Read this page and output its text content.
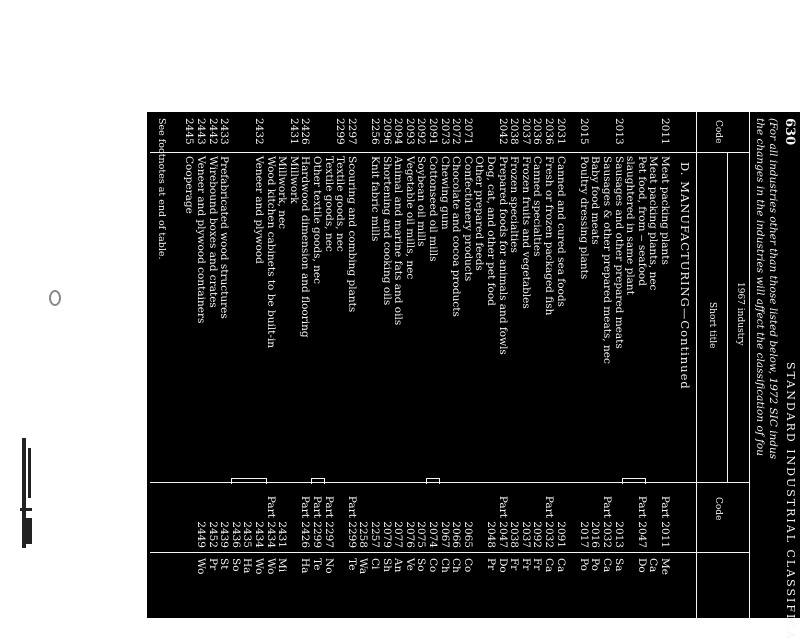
630
STANDARD INDUSTRIAL CLASSIFICA
(For all industries other than those listed below, 1972 SIC indus
the changes in the industries will affect the classification of fou
Code
1967 industry
Short title
Code
D. MANUFACTURING—Continued
2011
Meat packing plants
Part 2011
Me
Meat packing plants, nec
Ca
Pet food, from ‒ seafood
Part 2047
Do
slaughtered in same plant
2013
Sausages and other prepared meats
2013
Sa
Sausages & other prepared meats, nec
Part 2032
Ca
Baby food meats
2016
Po
2015
Poultry dressing plants
2017
Po
2031
Canned and cured sea foods
2091
Ca
2036
Fresh or frozen packaged fish
Part 2032
Ca
2036
Canned specialties
2092
Fr
2037
Frozen fruits and vegetables
2037
Fr
2038
Frozen specialties
2038
Fr
2042
Prepared foods for animals and fowls
Part 2047
Do
Dog, cat, and other pet food
2048
Pr
Other prepared feeds
2071
Confectionery products
2065
Co
2072
Chocolate and cocoa products
2066
Ch
2073
Chewing gum
2067
Ch
2091
Cottonseed oil mills
2074
Co
2092
Soybean oil mills
2075
So
2093
Vegetable oil mills, nec
2076
Ve
2094
Animal and marine fats and oils
2077
An
2096
Shortening and cooking oils
2079
Sh
2256
Knit fabric mills
2257
Ci
2258
Wa
2297
Scouring and combing plants
Part 2299
Te
2299
Textile goods, nec
Textile goods, nec
Part 2297
No
Other textile goods, nec
Part 2299
Te
2426
Hardwood dimension and flooring
Part 2426
Ha
2431
Millwork
Millwork, nec
2431
Mi
Wood kitchen cabinets to be built-in
Part 2434
Wo
2432
Veneer and plywood
2434
Wo
2435
Ha
2436
So
2433
Prefabricated wood structures
2439
St
2442
Wirebound boxes and crates
2452
Pr
2443
Veneer and plywood containers
2449
Wo
2445
Cooperage
See footnotes at end of table.
